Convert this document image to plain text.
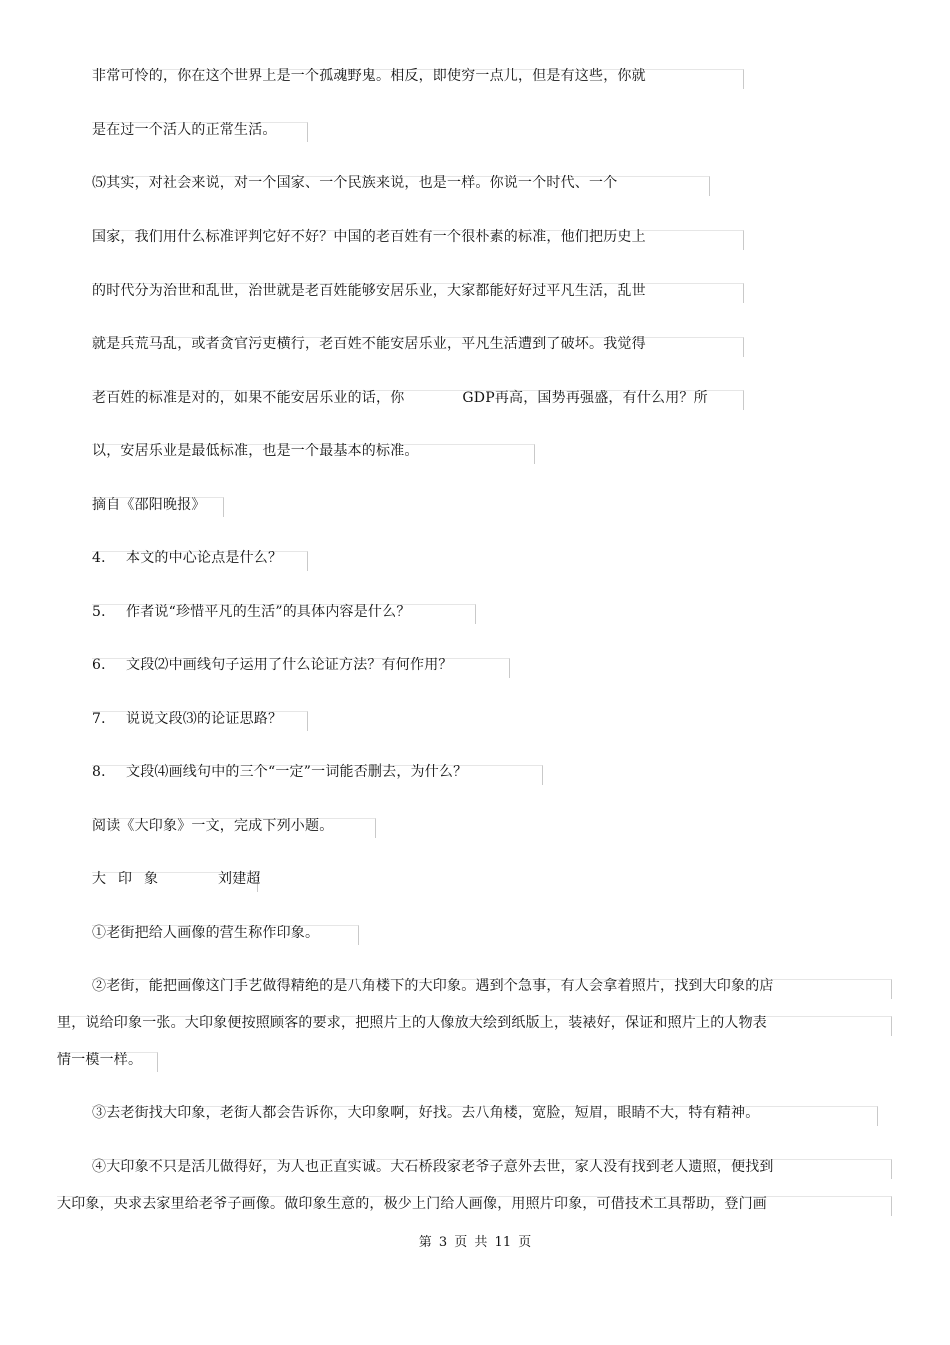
非常可怜的，你在这个世界上是一个孤魂野鬼。相反，即使穷一点儿，但是有这些，你就
是在过一个活人的正常生活。
⑸其实，对社会来说，对一个国家、一个民族来说，也是一样。你说一个时代、一个
国家，我们用什么标准评判它好不好？中国的老百姓有一个很朴素的标准，他们把历史上
的时代分为治世和乱世，治世就是老百姓能够安居乐业，大家都能好好过平凡生活，乱世
就是兵荒马乱，或者贪官污吏横行，老百姓不能安居乐业，平凡生活遭到了破坏。我觉得
老百姓的标准是对的，如果不能安居乐业的话，你	GDP再高，国势再强盛，有什么用？所
以，安居乐业是最低标准，也是一个最基本的标准。
摘自《邵阳晚报》
4． 本文的中心论点是什么？
5． 作者说“珍惜平凡的生活”的具体内容是什么？
6． 文段⑵中画线句子运用了什么论证方法？有何作用？
7． 说说文段⑶的论证思路？
8． 文段⑷画线句中的三个“一定”一词能否删去，为什么？
阅读《大印象》一文，完成下列小题。
大印象	刘建超
①老街把给人画像的营生称作印象。
②老街，能把画像这门手艺做得精绝的是八角楼下的大印象。遇到个急事，有人会拿着照片，找到大印象的店
里，说给印象一张。大印象便按照顾客的要求，把照片上的人像放大绘到纸版上，装裱好，保证和照片上的人物表
情一模一样。
③去老街找大印象，老街人都会告诉你，大印象啊，好找。去八角楼，宽脸，短眉，眼睛不大，特有精神。
④大印象不只是活儿做得好，为人也正直实诚。大石桥段家老爷子意外去世，家人没有找到老人遗照，便找到
大印象，央求去家里给老爷子画像。做印象生意的，极少上门给人画像，用照片印象，可借技术工具帮助，登门画
第 3 页 共 11 页
